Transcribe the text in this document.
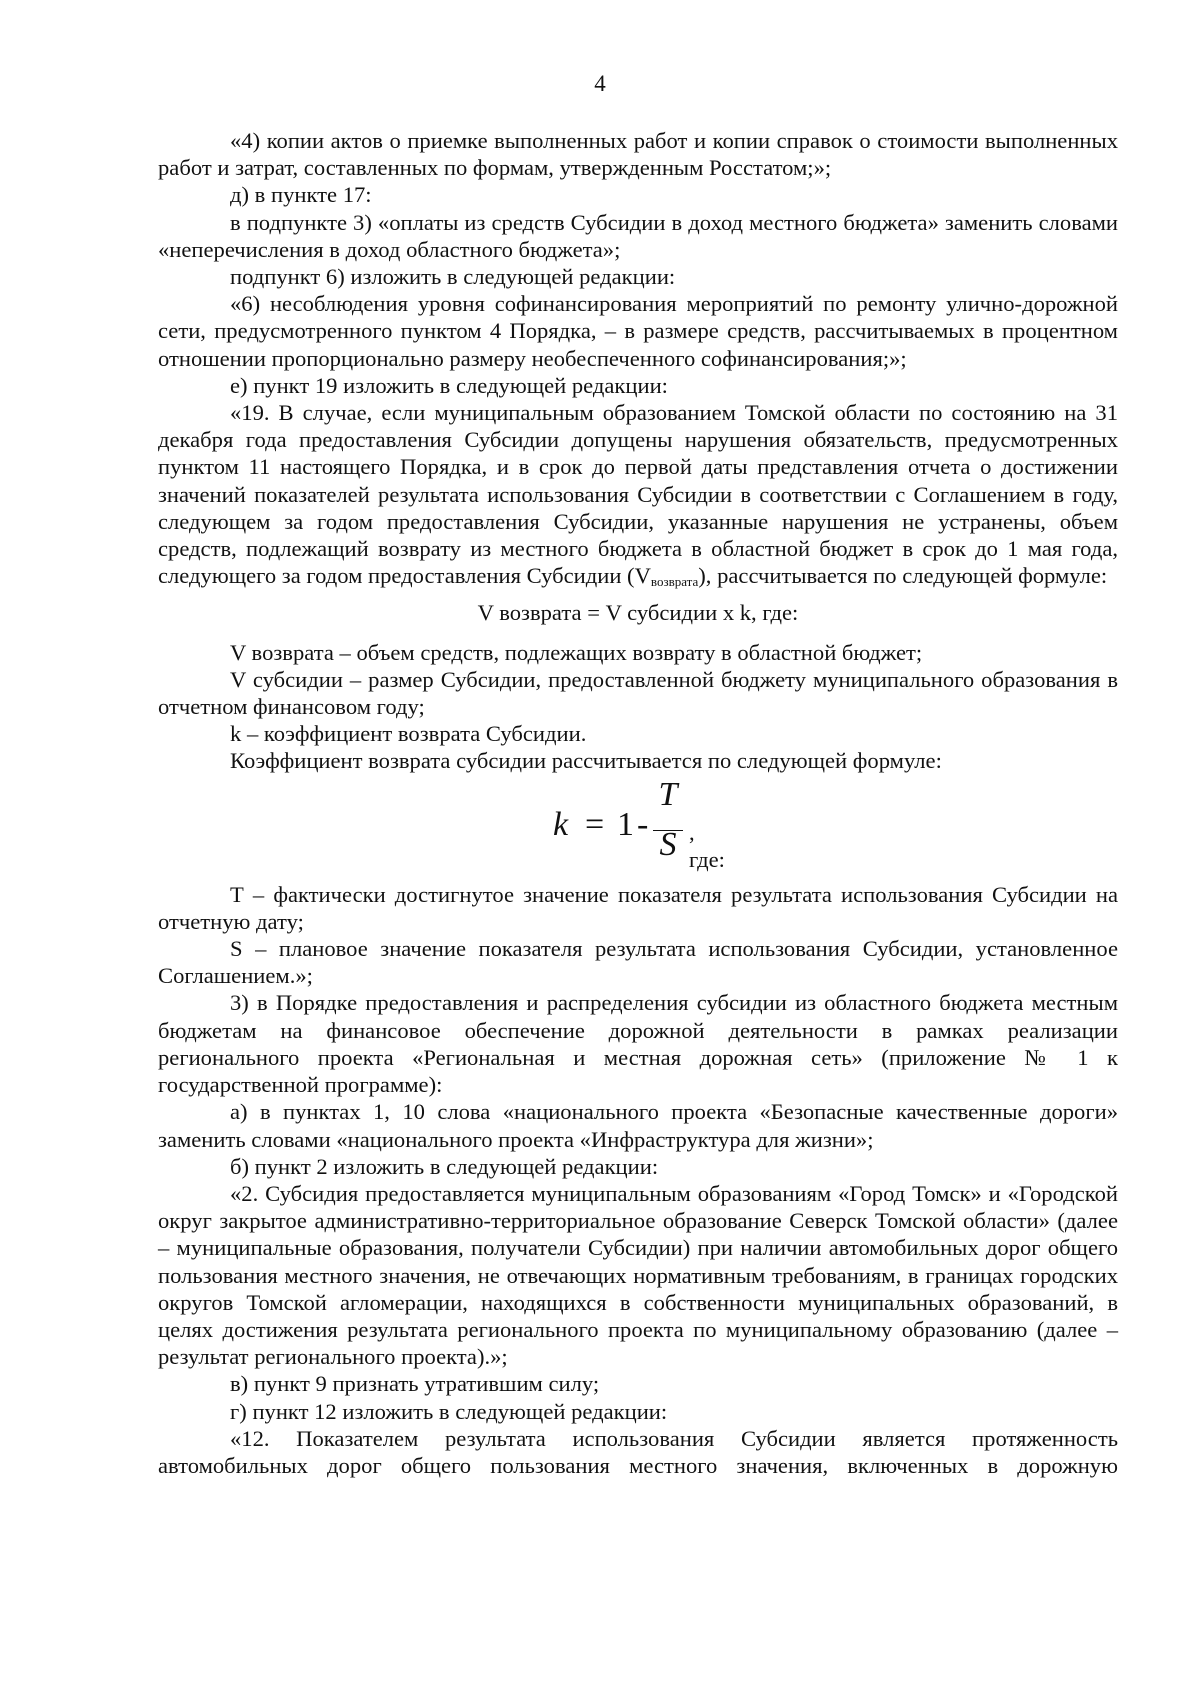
4

«4) копии актов о приемке выполненных работ и копии справок о стоимости выполненных работ и затрат, составленных по формам, утвержденным Росстатом;»;

д) в пункте 17:

в подпункте 3) «оплаты из средств Субсидии в доход местного бюджета» заменить словами «неперечисления в доход областного бюджета»;

подпункт 6) изложить в следующей редакции:

«6) несоблюдения уровня софинансирования мероприятий по ремонту улично-дорожной сети, предусмотренного пунктом 4 Порядка, – в размере средств, рассчитываемых в процентном отношении пропорционально размеру необеспеченного софинансирования;»;

е) пункт 19 изложить в следующей редакции:

«19. В случае, если муниципальным образованием Томской области по состоянию на 31 декабря года предоставления Субсидии допущены нарушения обязательств, предусмотренных пунктом 11 настоящего Порядка, и в срок до первой даты представления отчета о достижении значений показателей результата использования Субсидии в соответствии с Соглашением в году, следующем за годом предоставления Субсидии, указанные нарушения не устранены, объем средств, подлежащий возврату из местного бюджета в областной бюджет в срок до 1 мая года, следующего за годом предоставления Субсидии $(V_{возврата})$, рассчитывается по следующей формуле:

V возврата = V субсидии x k, где:

V возврата – объем средств, подлежащих возврату в областной бюджет;

V субсидии – размер Субсидии, предоставленной бюджету муниципального образования в отчетном финансовом году;

k – коэффициент возврата Субсидии.

Коэффициент возврата субсидии рассчитывается по следующей формуле:

k = 1 -
T
S , где:

Т – фактически достигнутое значение показателя результата использования Субсидии на отчетную дату;

S – плановое значение показателя результата использования Субсидии, установленное Соглашением.»;

3) в Порядке предоставления и распределения субсидии из областного бюджета местным бюджетам на финансовое обеспечение дорожной деятельности в рамках реализации регионального проекта «Региональная и местная дорожная сеть» (приложение № 1 к государственной программе):

а) в пунктах 1, 10 слова «национального проекта «Безопасные качественные дороги» заменить словами «национального проекта «Инфраструктура для жизни»;

б) пункт 2 изложить в следующей редакции:

«2. Субсидия предоставляется муниципальным образованиям «Город Томск» и «Городской округ закрытое административно-территориальное образование Северск Томской области» (далее – муниципальные образования, получатели Субсидии) при наличии автомобильных дорог общего пользования местного значения, не отвечающих нормативным требованиям, в границах городских округов Томской агломерации, находящихся в собственности муниципальных образований, в целях достижения результата регионального проекта по муниципальному образованию (далее – результат регионального проекта).»;

в) пункт 9 признать утратившим силу;

г) пункт 12 изложить в следующей редакции:

«12. Показателем результата использования Субсидии является протяженность автомобильных дорог общего пользования местного значения, включенных в дорожную
